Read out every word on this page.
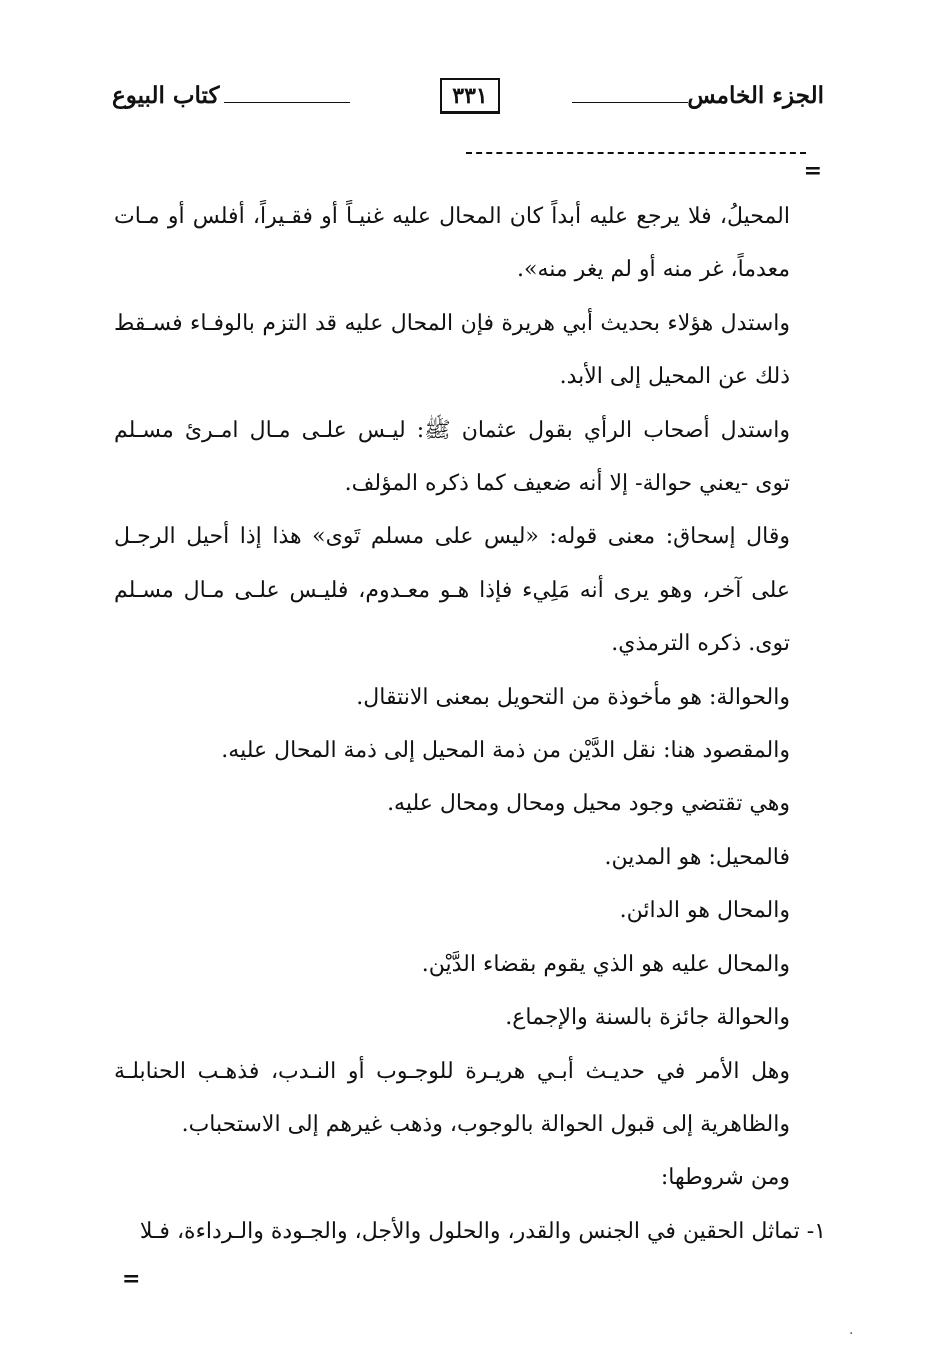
الجزء الخامس
٣٣١
كتاب البيوع
=

المحيلُ، فلا يرجع عليه أبداً كان المحال عليه غنيـاً أو فقـيراً، أفلس أو مـات معدماً، غر منه أو لم يغر منه».

واستدل هؤلاء بحديث أبي هريرة فإن المحال عليه قد التزم بالوفـاء فسـقط ذلك عن المحيل إلى الأبد.

واستدل أصحاب الرأي بقول عثمان ﷺ: ليـس علـى مـال امـرئ مسـلم توى -يعني حوالة- إلا أنه ضعيف كما ذكره المؤلف.

وقال إسحاق: معنى قوله: «ليس على مسلم تَوى» هذا إذا أحيل الرجـل على آخر، وهو يرى أنه مَلِيء فإذا هـو معـدوم، فليـس علـى مـال مسـلم توى. ذكره الترمذي.

والحوالة: هو مأخوذة من التحويل بمعنى الانتقال.

والمقصود هنا: نقل الدَّيْن من ذمة المحيل إلى ذمة المحال عليه.

وهي تقتضي وجود محيل ومحال ومحال عليه.

فالمحيل: هو المدين.

والمحال هو الدائن.

والمحال عليه هو الذي يقوم بقضاء الدَّيْن.

والحوالة جائزة بالسنة والإجماع.

وهل الأمر في حديـث أبـي هريـرة للوجـوب أو النـدب، فذهـب الحنابلـة والظاهرية إلى قبول الحوالة بالوجوب، وذهب غيرهم إلى الاستحباب.

ومن شروطها:

١- تماثل الحقين في الجنس والقدر، والحلول والأجل، والجـودة والـرداءة، فـلا

=
·
